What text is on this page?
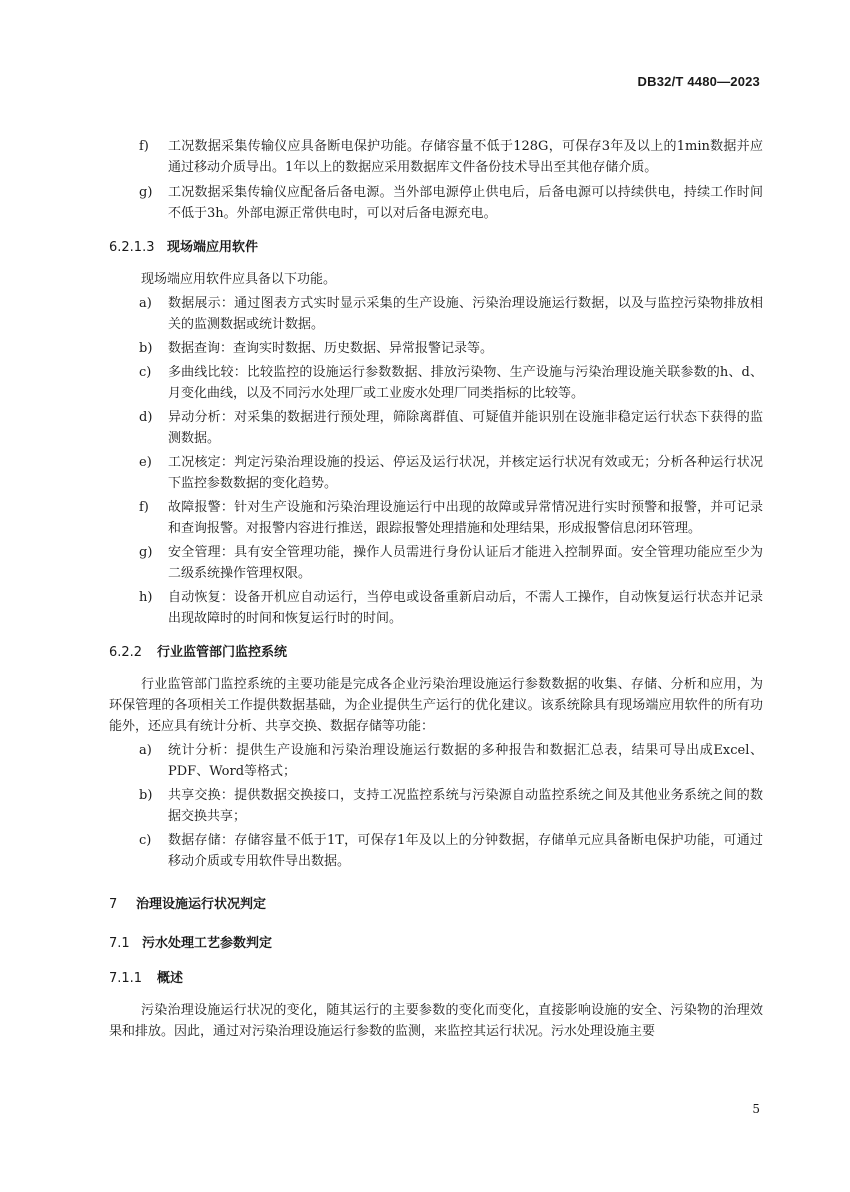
DB32/T 4480—2023
f) 工况数据采集传输仪应具备断电保护功能。存储容量不低于128G，可保存3年及以上的1min数据并应通过移动介质导出。1年以上的数据应采用数据库文件备份技术导出至其他存储介质。
g) 工况数据采集传输仪应配备后备电源。当外部电源停止供电后，后备电源可以持续供电，持续工作时间不低于3h。外部电源正常供电时，可以对后备电源充电。
6.2.1.3 现场端应用软件

现场端应用软件应具备以下功能。

a) 数据展示：通过图表方式实时显示采集的生产设施、污染治理设施运行数据，以及与监控污染物排放相关的监测数据或统计数据。
b) 数据查询：查询实时数据、历史数据、异常报警记录等。
c) 多曲线比较：比较监控的设施运行参数数据、排放污染物、生产设施与污染治理设施关联参数的h、d、月变化曲线，以及不同污水处理厂或工业废水处理厂同类指标的比较等。
d) 异动分析：对采集的数据进行预处理，筛除离群值、可疑值并能识别在设施非稳定运行状态下获得的监测数据。
e) 工况核定：判定污染治理设施的投运、停运及运行状况，并核定运行状况有效或无；分析各种运行状况下监控参数数据的变化趋势。
f) 故障报警：针对生产设施和污染治理设施运行中出现的故障或异常情况进行实时预警和报警，并可记录和查询报警。对报警内容进行推送，跟踪报警处理措施和处理结果，形成报警信息闭环管理。
g) 安全管理：具有安全管理功能，操作人员需进行身份认证后才能进入控制界面。安全管理功能应至少为二级系统操作管理权限。
h) 自动恢复：设备开机应自动运行，当停电或设备重新启动后，不需人工操作，自动恢复运行状态并记录出现故障时的时间和恢复运行时的时间。
6.2.2 行业监管部门监控系统

行业监管部门监控系统的主要功能是完成各企业污染治理设施运行参数数据的收集、存储、分析和应用，为环保管理的各项相关工作提供数据基础，为企业提供生产运行的优化建议。该系统除具有现场端应用软件的所有功能外，还应具有统计分析、共享交换、数据存储等功能：

a) 统计分析：提供生产设施和污染治理设施运行数据的多种报告和数据汇总表，结果可导出成Excel、PDF、Word等格式；
b) 共享交换：提供数据交换接口，支持工况监控系统与污染源自动监控系统之间及其他业务系统之间的数据交换共享；
c) 数据存储：存储容量不低于1T，可保存1年及以上的分钟数据，存储单元应具备断电保护功能，可通过移动介质或专用软件导出数据。
7 治理设施运行状况判定
7.1 污水处理工艺参数判定
7.1.1 概述

污染治理设施运行状况的变化，随其运行的主要参数的变化而变化，直接影响设施的安全、污染物的治理效果和排放。因此，通过对污染治理设施运行参数的监测，来监控其运行状况。污水处理设施主要

5
